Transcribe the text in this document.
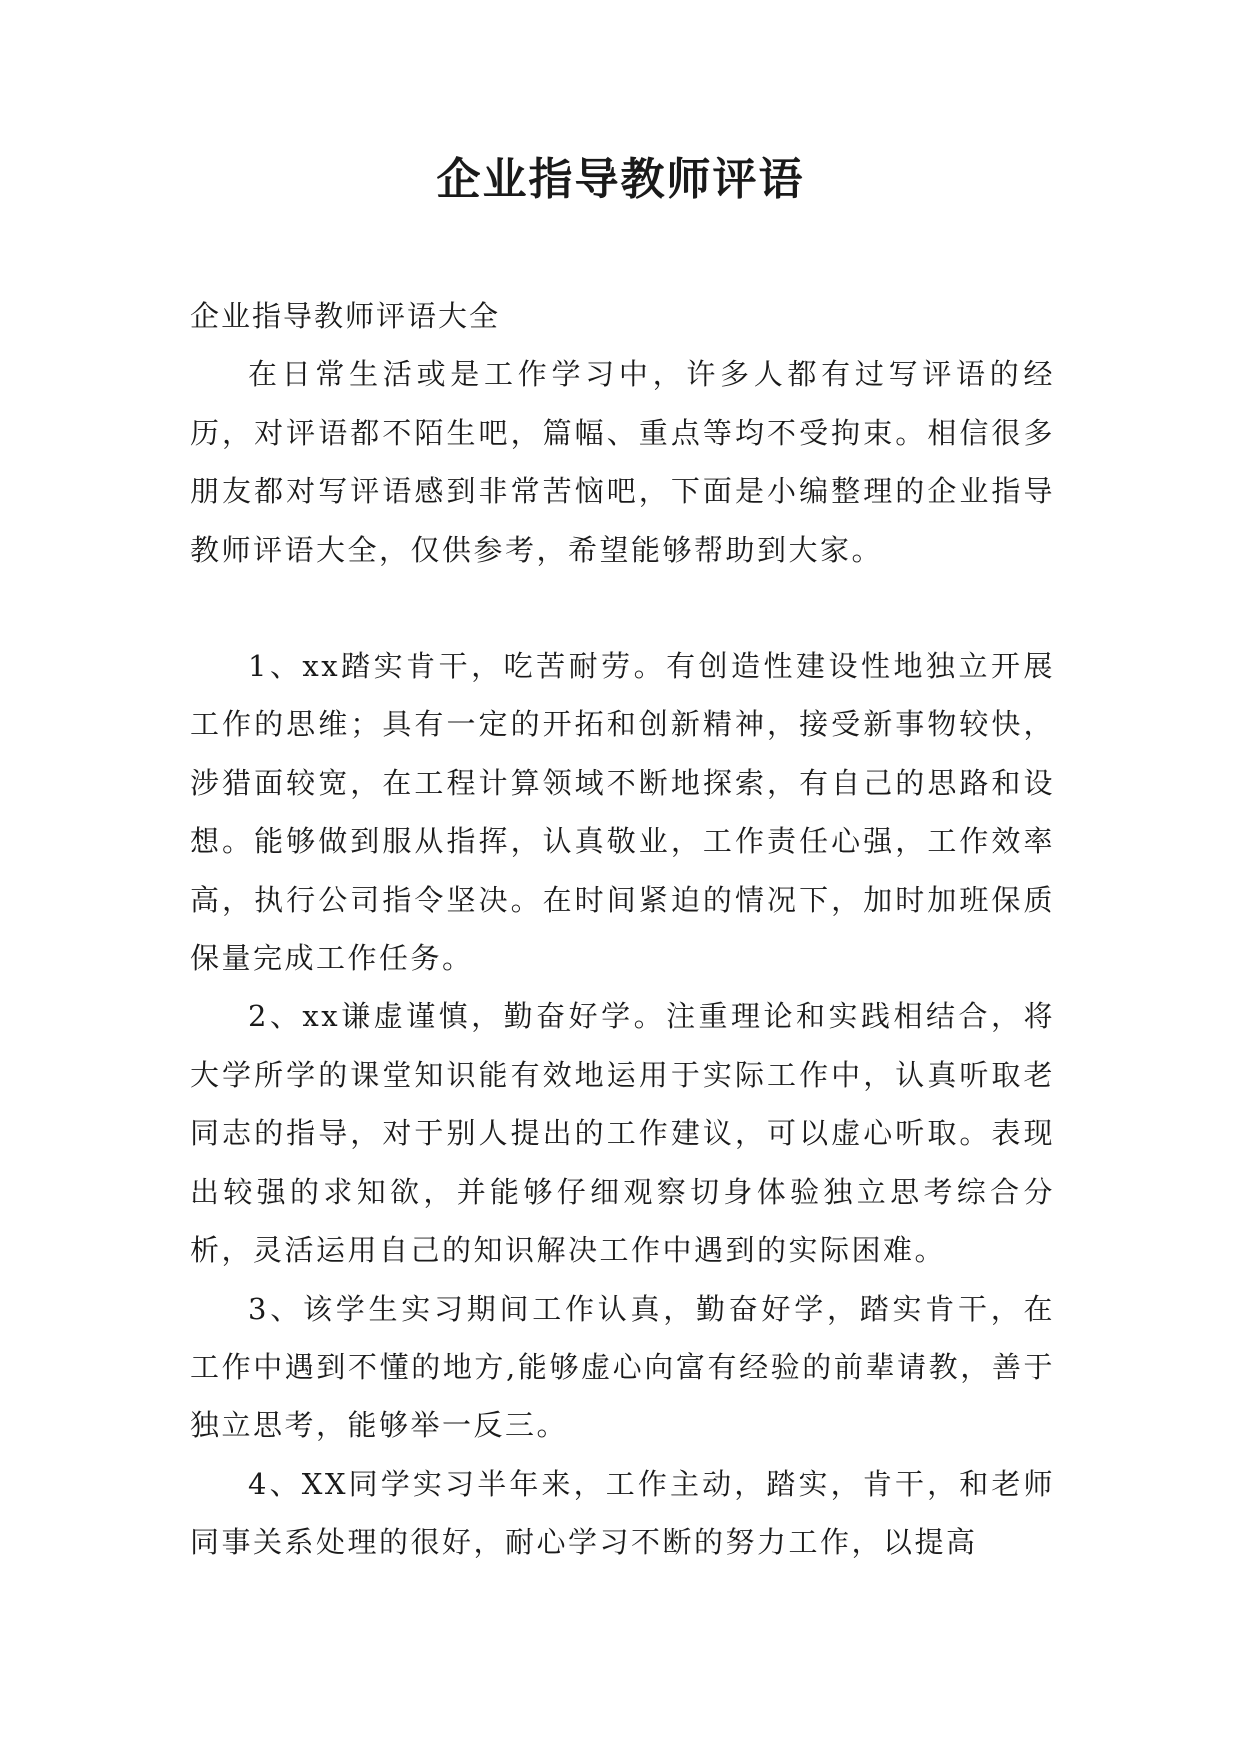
企业指导教师评语

企业指导教师评语大全

在日常生活或是工作学习中，许多人都有过写评语的经历，对评语都不陌生吧，篇幅、重点等均不受拘束。相信很多朋友都对写评语感到非常苦恼吧，下面是小编整理的企业指导教师评语大全，仅供参考，希望能够帮助到大家。

1、xx踏实肯干，吃苦耐劳。有创造性建设性地独立开展工作的思维；具有一定的开拓和创新精神，接受新事物较快，涉猎面较宽，在工程计算领域不断地探索，有自己的思路和设想。能够做到服从指挥，认真敬业，工作责任心强，工作效率高，执行公司指令坚决。在时间紧迫的情况下，加时加班保质保量完成工作任务。

2、xx谦虚谨慎，勤奋好学。注重理论和实践相结合，将大学所学的课堂知识能有效地运用于实际工作中，认真听取老同志的指导，对于别人提出的工作建议，可以虚心听取。表现出较强的求知欲，并能够仔细观察切身体验独立思考综合分析，灵活运用自己的知识解决工作中遇到的实际困难。

3、该学生实习期间工作认真，勤奋好学，踏实肯干，在工作中遇到不懂的地方,能够虚心向富有经验的前辈请教，善于独立思考，能够举一反三。

4、XX同学实习半年来，工作主动，踏实，肯干，和老师同事关系处理的很好，耐心学习不断的努力工作，以提高
